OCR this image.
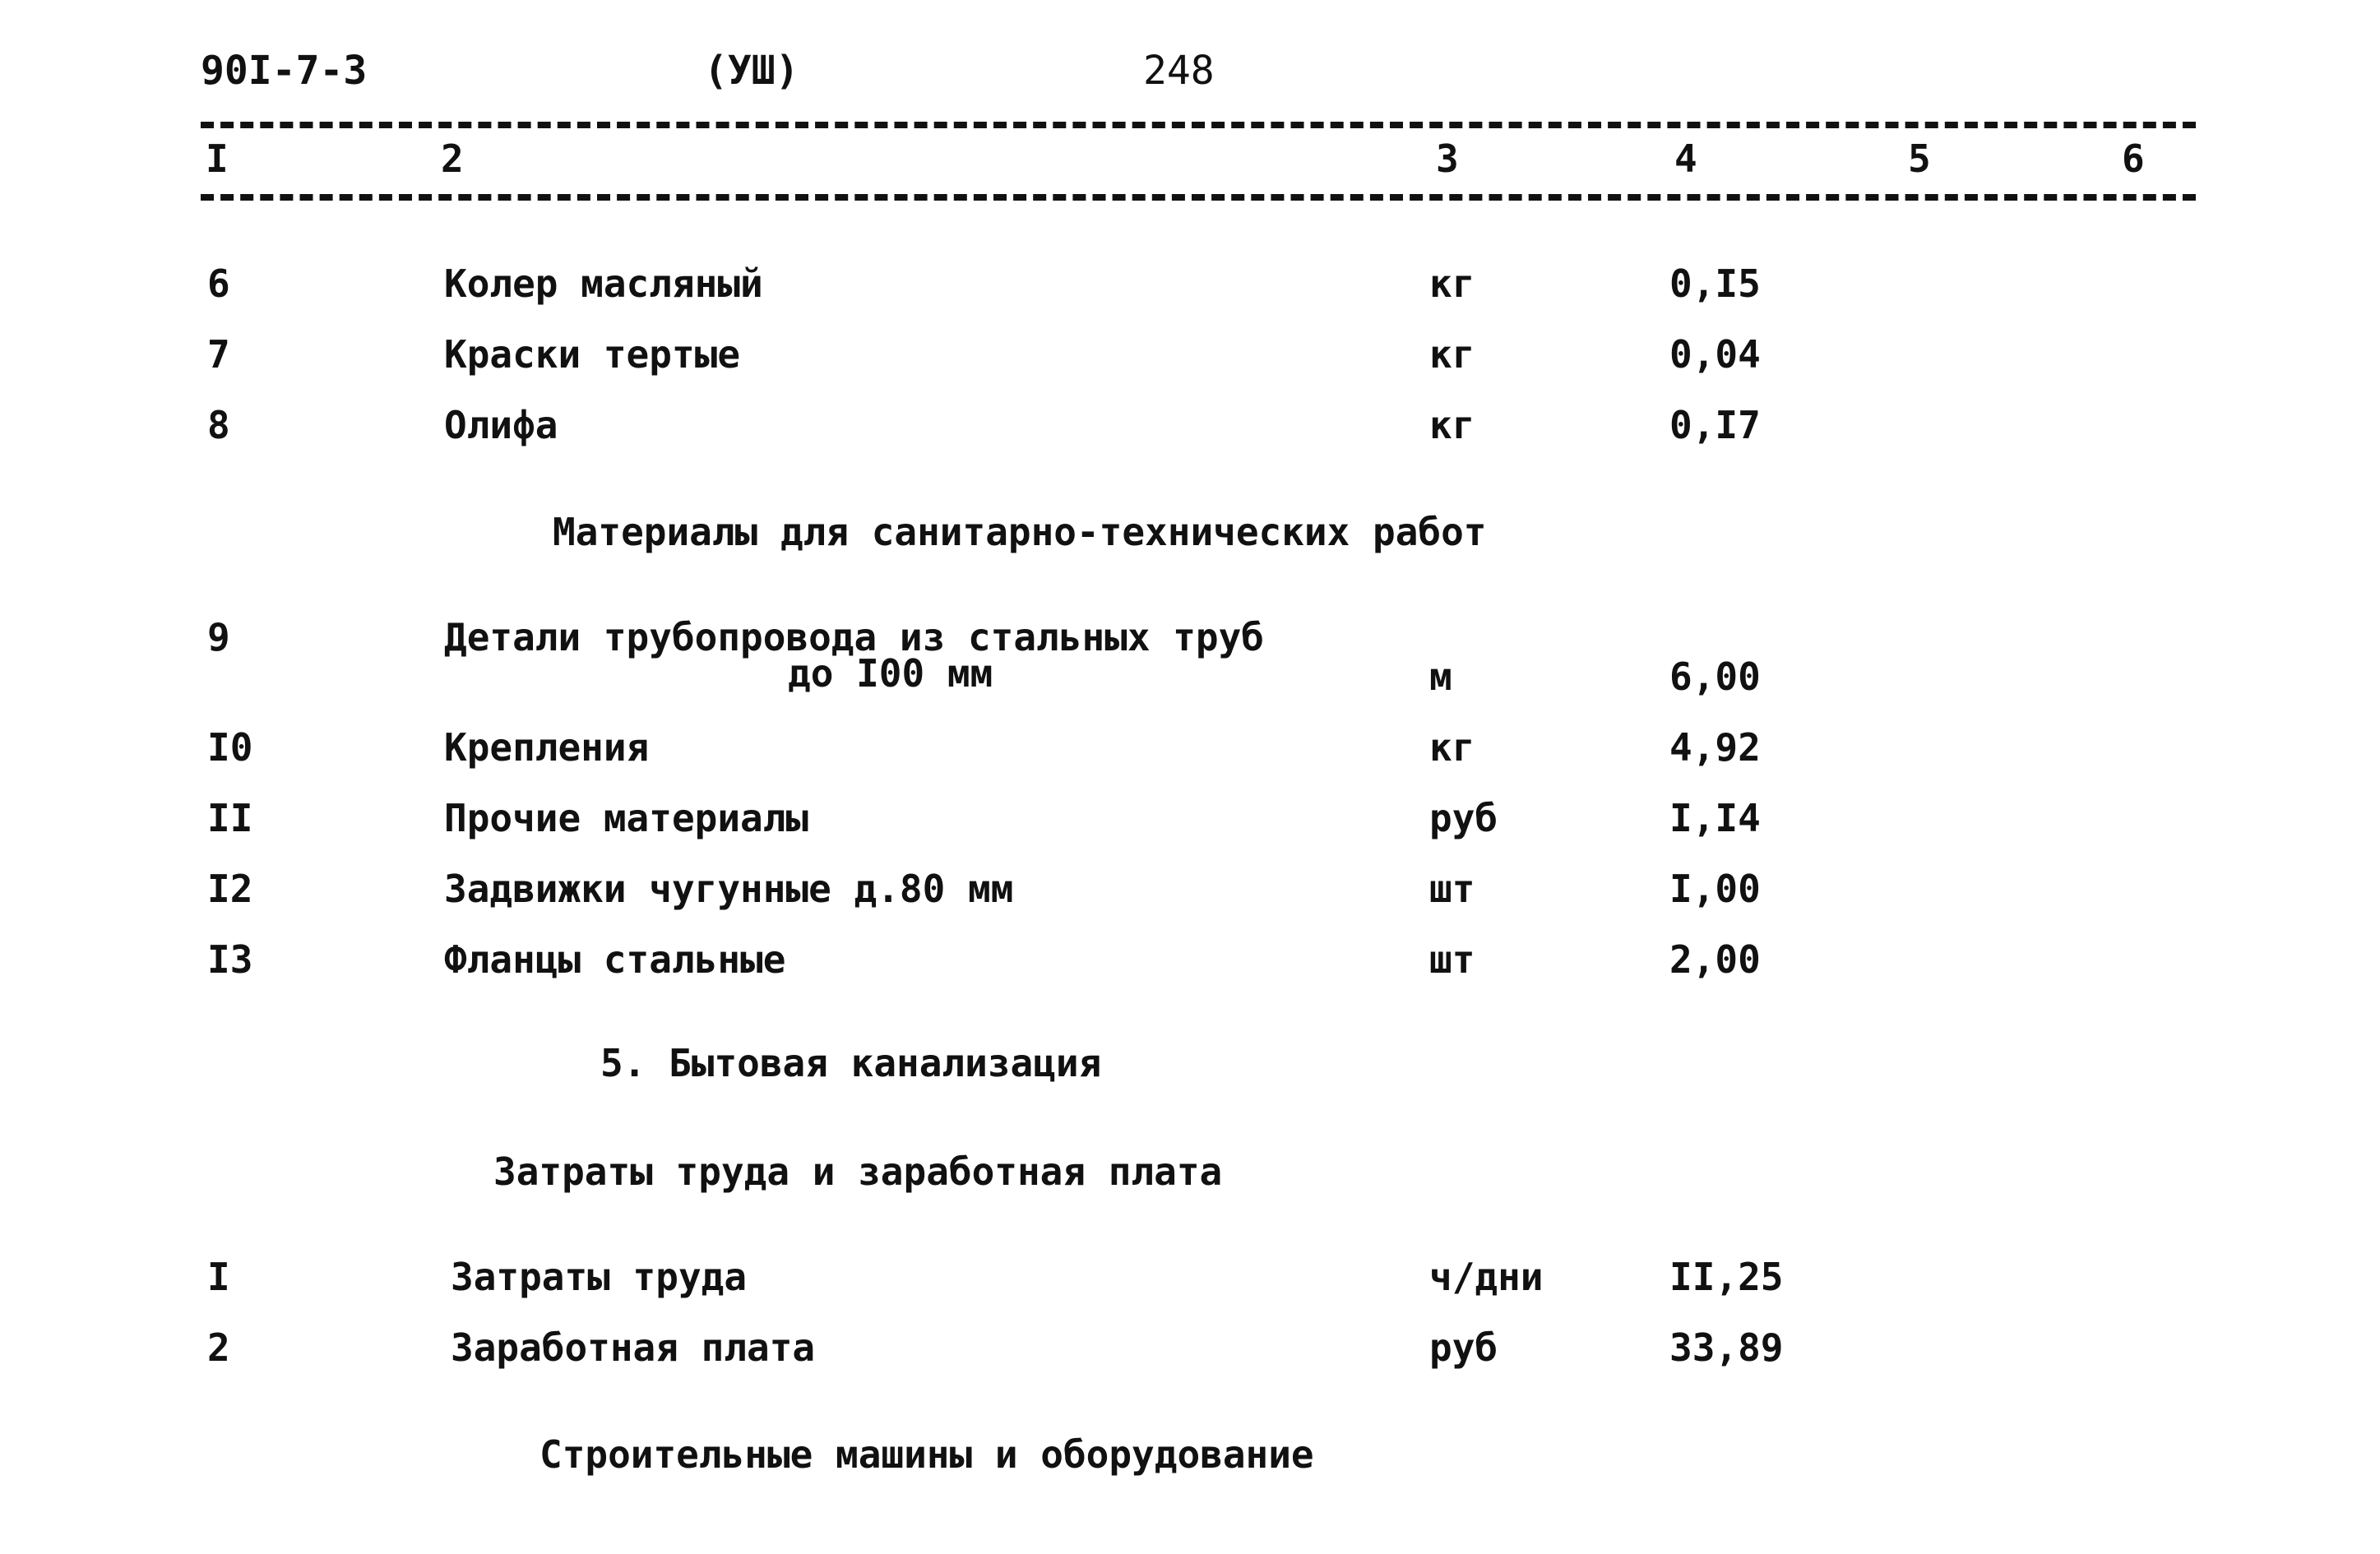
90I-7-3	(УШ)	248
I	2	3	4	5	6
6	Колер масляный	кг	0,I5
7	Краски тертые	кг	0,04
8	Олифа	кг	0,I7
Материалы для санитарно-технических работ
9	Детали трубопровода из стальных труб
до I00 мм	м	6,00
I0	Крепления	кг	4,92
II	Прочие материалы	руб	I,I4
I2	Задвижки чугунные д.80 мм	шт	I,00
I3	Фланцы стальные	шт	2,00
5. Бытовая канализация
Затраты труда и заработная плата
I	Затраты труда	ч/дни	II,25
2	Заработная плата	руб	33,89
Строительные машины и оборудование
